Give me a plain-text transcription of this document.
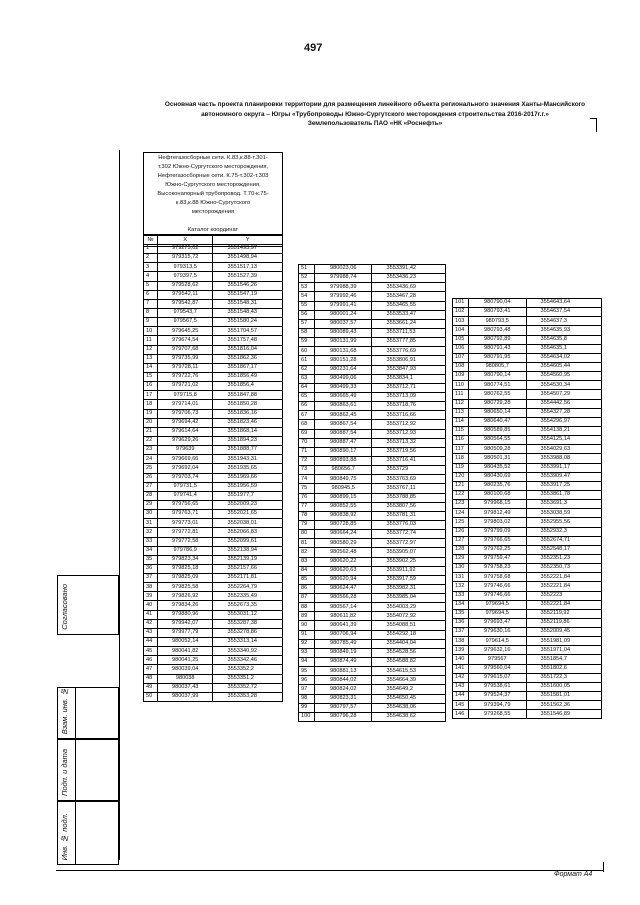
497
Основная часть проекта планировки территории для размещения линейного объекта регионального значения Ханты-Мансийского
автономного округа – Югры «Трубопроводы Южно-Сургутского месторождения строительства 2016-2017г.г.»
Землепользователь ПАО «НК «Роснефть»
Нефтегазосборные сети. К.83,к.88-т.301-
т.302 Южно-Сургутского месторождения,
Нефтегазосборные сети. К.75-т.302-т.303
Южно-Сургутского месторождения,
Высоконапорный трубопровод. Т.70-к.75-
к.83,к.88 Южно-Сургутского
месторождения
Каталог координат
№	X	Y
1	979275,02	3551493,97
2	979315,72	3551498,94
3	979313,5	3551517,13
4	979397,5	3551527,39
5	979528,62	3551546,26
6	979542,11	3551547,19
7	979542,87	3551548,31
8	979543,7	3551548,43
9	979567,5	3551580,24
10	979645,25	3551704,57
11	979674,54	3551757,48
12	979707,68	3551816,04
13	979735,99	3551862,36
14	979728,11	3551867,17
15	979722,76	3551856,49
16	979721,02	3551856,4
17	979715,8	3551847,88
18	979714,01	3551850,28
19	979706,73	3551836,16
20	979694,42	3551823,46
21	979614,64	3551868,14
22	979629,26	3551894,23
23	979639	3551888,77
24	979669,66	3551943,31
25	979692,04	3551935,65
26	979703,74	3551969,66
27	979731,5	3551956,59
28	979741,4	3551977,7
29	979756,65	3552009,23
30	979763,71	3552021,65
31	979773,01	3552038,01
32	979772,81	3552066,83
33	979772,58	3552099,61
34	979786,9	3552138,94
35	979823,34	3552139,19
36	979825,18	3552157,66
37	979825,09	3552171,81
38	979825,58	3552264,79
39	979826,92	3552335,49
40	979834,26	3552673,35
41	979880,96	3553031,12
42	979942,07	3553287,38
43	979977,79	3553278,86
44	980052,14	3553313,14
45	980041,82	3553340,92
46	980041,25	3553342,46
47	980039,04	3553352,2
48	980038	3553351,2
49	980037,43	3553352,72
50	980037,99	3553353,28
51	980023,06	3553391,42
52	979988,74	3553436,23
53	979988,39	3553436,69
54	979992,46	3553467,28
55	979991,41	3553465,55
56	980001,24	3553533,47
57	980037,57	3553661,24
58	980089,43	3553711,53
59	980131,99	3553777,85
60	980131,68	3553776,69
61	980151,28	3553806,91
62	980231,64	3553847,93
63	980499,06	3553834,1
64	980499,33	3553712,71
65	980665,49	3553713,09
66	980863,61	3553718,76
67	980862,45	3553716,66
68	980867,54	3553712,92
69	980887,54	3553712,93
70	980887,47	3553713,32
71	980890,17	3553719,56
72	980893,88	3553716,41
73	980656,7	3553729
74	980849,75	3553763,69
75	980945,5	3553767,11
76	980899,15	3553788,85
77	980852,55	3553807,56
78	980838,92	3553781,31
79	980728,85	3553776,03
80	980664,24	3553772,74
81	980580,29	3553772,97
82	980562,48	3553905,07
83	980620,22	3553902,25
84	980620,63	3553911,92
85	980620,94	3553917,59
86	980624,47	3553982,31
87	980566,28	3553985,04
88	980567,14	3554003,29
89	980611,82	3554072,92
90	980641,39	3554088,51
91	980706,94	3554292,18
92	980785,49	3554404,04
93	980849,19	3554528,56
94	980874,49	3554588,82
95	980881,13	3554615,53
96	980844,02	3554664,39
97	980824,02	3554649,2
98	980823,31	3554650,45
99	980797,57	3554638,06
100	980796,28	3554638,62
101	980790,04	3554643,64
102	980793,41	3554637,54
103	980793,5	3554637,3
104	980793,48	3554635,93
105	980792,89	3554635,8
106	980791,43	3554635,1
107	980791,95	3554634,02
108	980805,7	3554605,44
109	980790,14	3554560,95
110	980774,51	3554530,34
111	980762,55	3554507,29
112	980729,28	3554442,56
113	980650,14	3554327,28
114	980640,47	3554296,97
115	980589,85	3554138,21
116	980564,55	3554125,14
117	980509,28	3554029,63
118	980501,31	3553988,08
119	980435,52	3553991,17
120	980430,69	3553909,47
121	980235,76	3553917,25
122	980100,68	3553861,78
123	979968,15	3553691,3
124	979812,49	3553038,59
125	979803,02	3552955,56
126	979799,09	3552932,3
127	979766,65	3552674,71
128	979762,25	3552548,17
129	979759,47	3552351,23
130	979758,23	3552350,73
131	979758,68	3552221,84
132	979746,66	3552221,84
133	979746,66	3552223
134	979694,5	3552221,84
135	979694,5	3552119,92
136	979693,47	3552119,86
137	979630,16	3552009,45
138	979614,5	3551981,09
139	979632,16	3551971,04
140	979567	3551854,7
141	979560,04	3551802,6
142	979615,07	3551722,3
143	979538,61	3551600,05
144	979524,37	3551581,01
145	979394,79	3551562,36
146	979268,55	3551546,89
Согласовано
Взам. инв. №
Подп. и дата
Инв. № подл.
Формат А4
